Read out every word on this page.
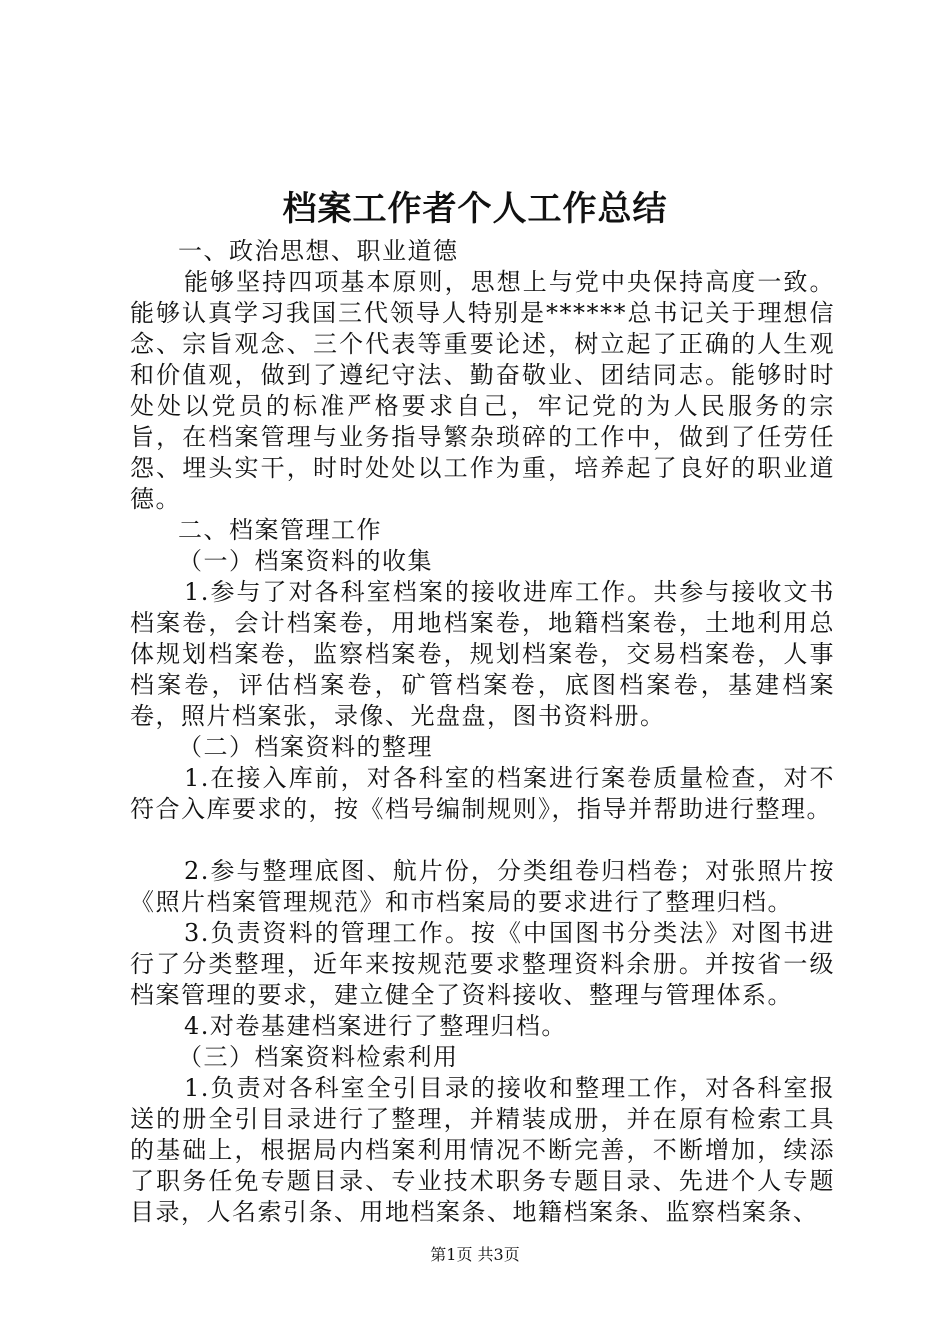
档案工作者个人工作总结

一、政治思想、职业道德

能够坚持四项基本原则，思想上与党中央保持高度一致。能够认真学习我国三代领导人特别是******总书记关于理想信念、宗旨观念、三个代表等重要论述，树立起了正确的人生观和价值观，做到了遵纪守法、勤奋敬业、团结同志。能够时时处处以党员的标准严格要求自己，牢记党的为人民服务的宗旨，在档案管理与业务指导繁杂琐碎的工作中，做到了任劳任怨、埋头实干，时时处处以工作为重，培养起了良好的职业道德。

二、档案管理工作

（一）档案资料的收集

1.参与了对各科室档案的接收进库工作。共参与接收文书档案卷，会计档案卷，用地档案卷，地籍档案卷，土地利用总体规划档案卷，监察档案卷，规划档案卷，交易档案卷，人事档案卷，评估档案卷，矿管档案卷，底图档案卷，基建档案卷，照片档案张，录像、光盘盘，图书资料册。

（二）档案资料的整理

1.在接入库前，对各科室的档案进行案卷质量检查，对不符合入库要求的，按《档号编制规则》，指导并帮助进行整理。

2.参与整理底图、航片份，分类组卷归档卷；对张照片按《照片档案管理规范》和市档案局的要求进行了整理归档。

3.负责资料的管理工作。按《中国图书分类法》对图书进行了分类整理，近年来按规范要求整理资料余册。并按省一级档案管理的要求，建立健全了资料接收、整理与管理体系。

4.对卷基建档案进行了整理归档。

（三）档案资料检索利用

1.负责对各科室全引目录的接收和整理工作，对各科室报送的册全引目录进行了整理，并精装成册，并在原有检索工具的基础上，根据局内档案利用情况不断完善，不断增加，续添了职务任免专题目录、专业技术职务专题目录、先进个人专题目录，人名索引条、用地档案条、地籍档案条、监察档案条、

第1页 共3页
